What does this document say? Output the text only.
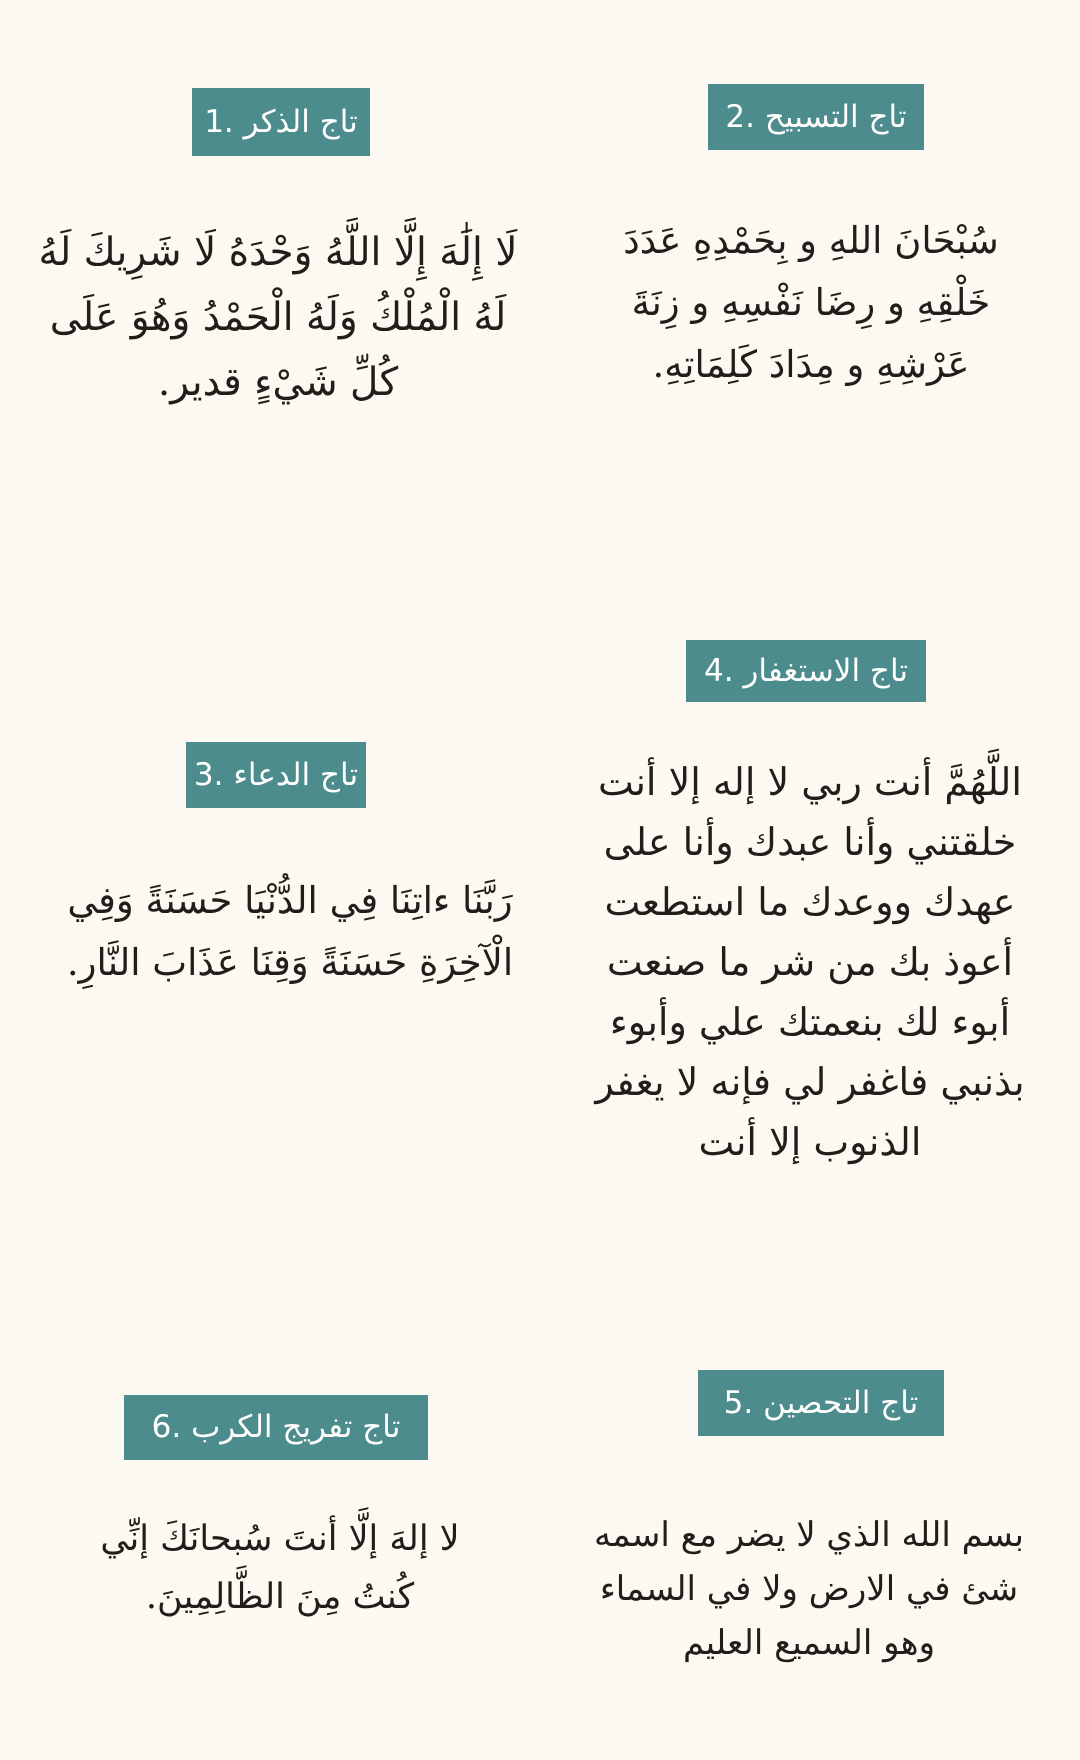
1. تاج الذكر
لَا إِلَٰهَ إِلَّا اللَّهُ وَحْدَهُ لَا شَرِيكَ لَهُ لَهُ الْمُلْكُ وَلَهُ الْحَمْدُ وَهُوَ عَلَى كُلِّ شَيْءٍ قدير.
2. تاج التسبيح
سُبْحَانَ اللهِ و بِحَمْدِهِ عَدَدَ خَلْقِهِ و رِضَا نَفْسِهِ و زِنَةَ عَرْشِهِ و مِدَادَ كَلِمَاتِهِ.
3. تاج الدعاء
رَبَّنَا ءاتِنَا فِي الدُّنْيَا حَسَنَةً وَفِي الْآخِرَةِ حَسَنَةً وَقِنَا عَذَابَ النَّارِ.
4. تاج الاستغفار
اللَّهُمَّ أنت ربي لا إله إلا أنت خلقتني وأنا عبدك وأنا على عهدك ووعدك ما استطعت أعوذ بك من شر ما صنعت أبوء لك بنعمتك علي وأبوء بذنبي فاغفر لي فإنه لا يغفر الذنوب إلا أنت
5. تاج التحصين
بسم الله الذي لا يضر مع اسمه شئ في الارض ولا في السماء وهو السميع العليم
6. تاج تفريج الكرب
لا إلهَ إلَّا أنتَ سُبحانَكَ إنِّي كُنتُ مِنَ الظَّالِمِينَ.
